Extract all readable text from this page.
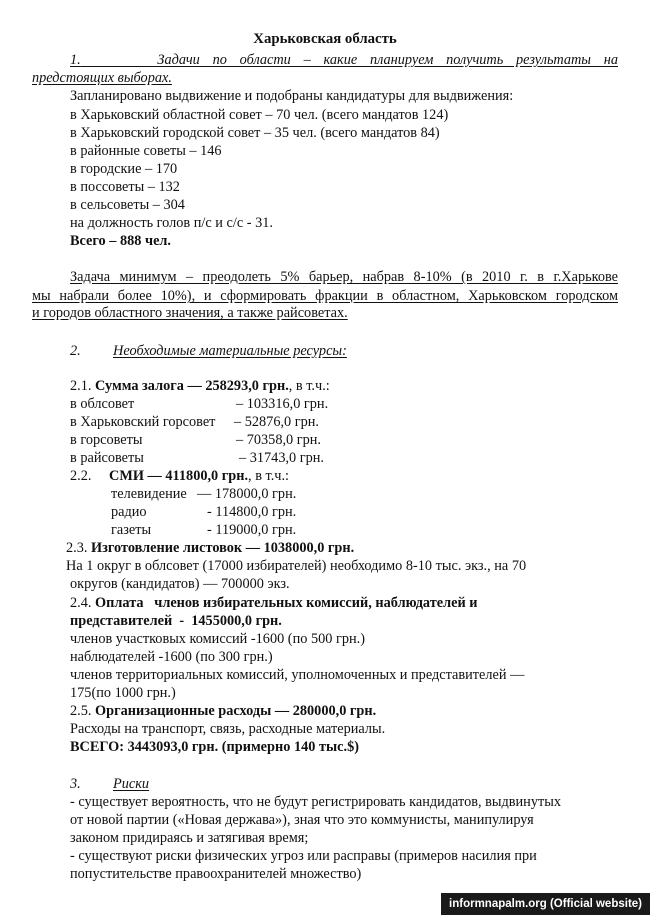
Харьковская область
1.	Задачи по области – какие планируем получить результаты на
предстоящих выборах.
Запланировано выдвижение и подобраны кандидатуры для выдвижения:
в Харьковский областной совет – 70 чел. (всего мандатов 124)
в Харьковский городской совет – 35 чел. (всего мандатов 84)
в районные советы – 146
в городские – 170
в поссоветы – 132
в сельсоветы – 304
на должность голов п/с и с/с - 31.
Всего – 888 чел.
Задача минимум – преодолеть 5% барьер, набрав 8-10% (в 2010 г. в г.Харькове
мы набрали более 10%), и сформировать фракции в областном, Харьковском городском
и городов областного значения, а также райсоветах.
2. Необходимые материальные ресурсы:
2.1. Сумма залога — 258293,0 грн., в т.ч.:
в облсовет	– 103316,0 грн.
в Харьковский горсовет – 52876,0 грн.
в горсоветы	– 70358,0 грн.
в райсоветы	– 31743,0 грн.
2.2. СМИ — 411800,0 грн., в т.ч.:
телевидение — 178000,0 грн.
радио	- 114800,0 грн.
газеты	- 119000,0 грн.
2.3. Изготовление листовок — 1038000,0 грн.
На 1 округ в облсовет (17000 избирателей) необходимо 8-10 тыс. экз., на 70
округов (кандидатов) — 700000 экз.
2.4. Оплата   членов избирательных комиссий, наблюдателей и
представителей  -  1455000,0 грн.
членов участковых комиссий -1600 (по 500 грн.)
наблюдателей -1600 (по 300 грн.)
членов территориальных комиссий, уполномоченных и представителей —
175(по 1000 грн.)
2.5. Организационные расходы — 280000,0 грн.
Расходы на транспорт, связь, расходные материалы.
ВСЕГО: 3443093,0 грн. (примерно 140 тыс.$)
3. Риски
- существует вероятность, что не будут регистрировать кандидатов, выдвинутых
от новой партии («Новая держава»), зная что это коммунисты, манипулируя
законом придираясь и затягивая время;
- существуют риски физических угроз или расправы (примеров насилия при
попустительстве правоохранителей множество)
informnapalm.org (Official website)
